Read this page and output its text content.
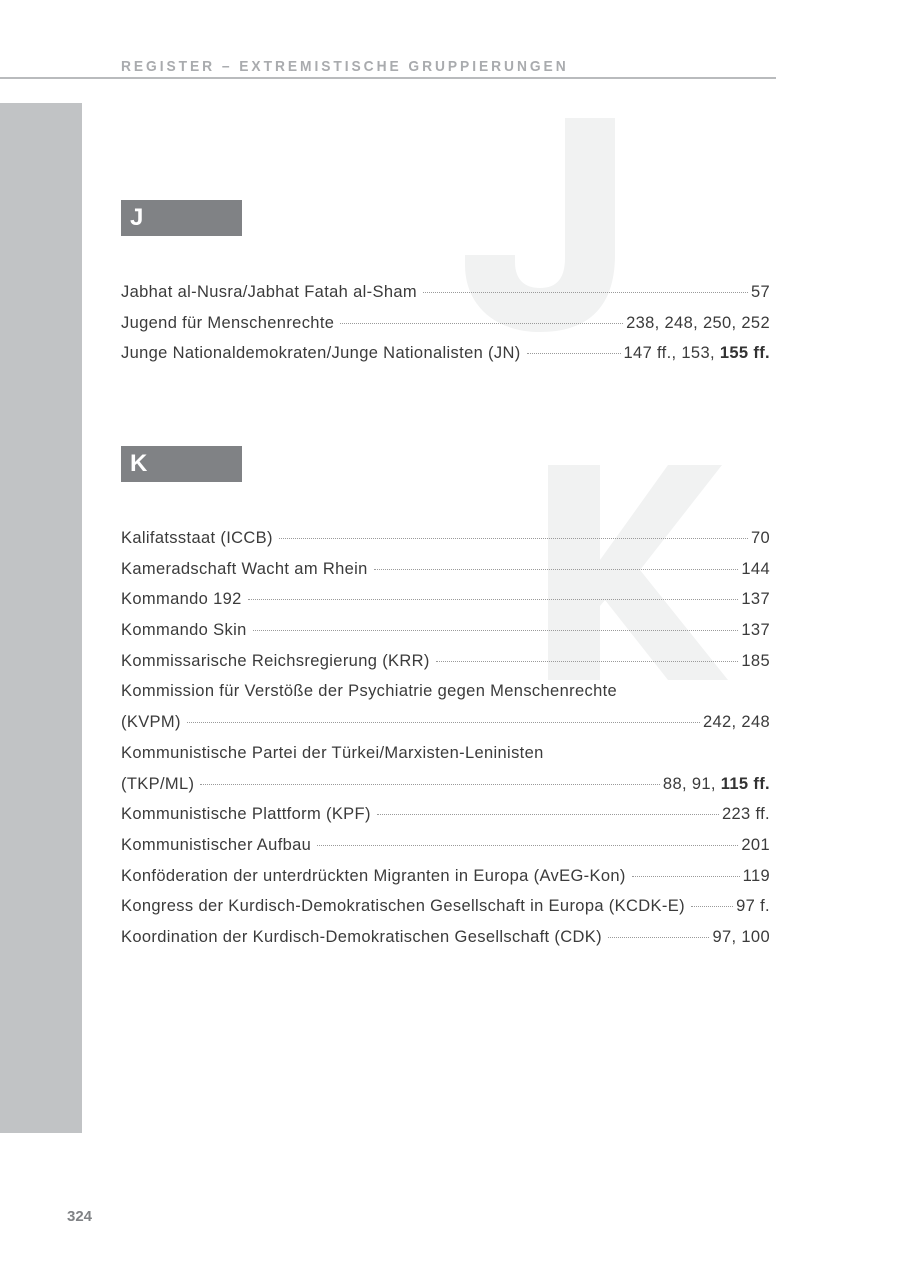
REGISTER – EXTREMISTISCHE GRUPPIERUNGEN
J
Jabhat al-Nusra/Jabhat Fatah al-Sham	57
Jugend für Menschenrechte	238, 248, 250, 252
Junge Nationaldemokraten/Junge Nationalisten (JN)	147 ff., 153, 155 ff.
K
Kalifatsstaat (ICCB)	70
Kameradschaft Wacht am Rhein	144
Kommando 192	137
Kommando Skin	137
Kommissarische Reichsregierung (KRR)	185
Kommission für Verstöße der Psychiatrie gegen Menschenrechte
(KVPM)	242, 248
Kommunistische Partei der Türkei/Marxisten-Leninisten
(TKP/ML)	88, 91, 115 ff.
Kommunistische Plattform (KPF)	223 ff.
Kommunistischer Aufbau	201
Konföderation der unterdrückten Migranten in Europa (AvEG-Kon)	119
Kongress der Kurdisch-Demokratischen Gesellschaft in Europa (KCDK-E)	97 f.
Koordination der Kurdisch-Demokratischen Gesellschaft (CDK)	97, 100
324
